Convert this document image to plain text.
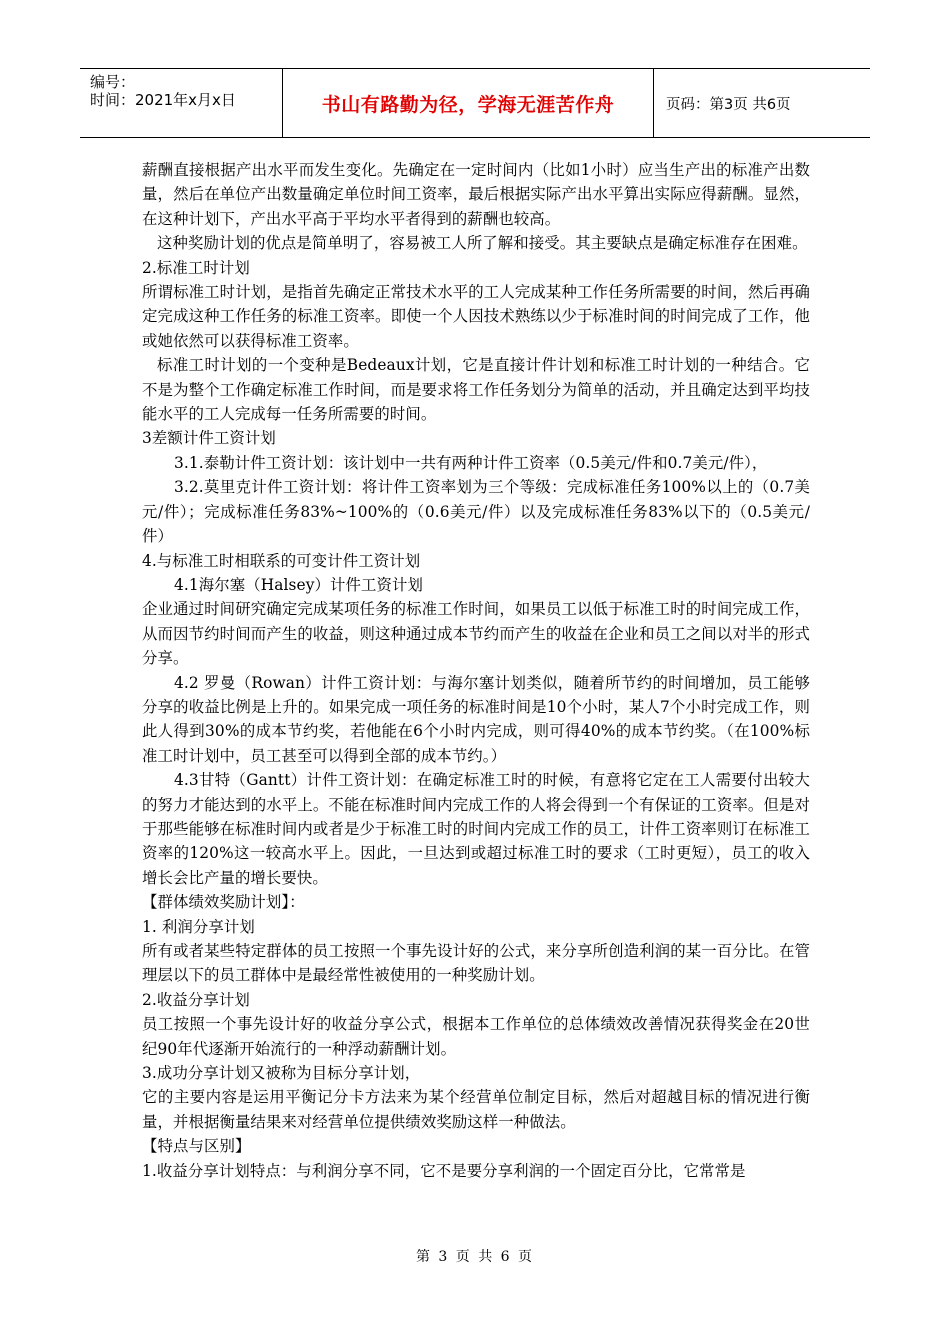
编号：
时间：2021年x月x日	书山有路勤为径，学海无涯苦作舟	页码：第3页 共6页

薪酬直接根据产出水平而发生变化。先确定在一定时间内（比如1小时）应当生产出的标准产出数量，然后在单位产出数量确定单位时间工资率，最后根据实际产出水平算出实际应得薪酬。显然，在这种计划下，产出水平高于平均水平者得到的薪酬也较高。

这种奖励计划的优点是简单明了，容易被工人所了解和接受。其主要缺点是确定标准存在困难。

2.标准工时计划

所谓标准工时计划，是指首先确定正常技术水平的工人完成某种工作任务所需要的时间，然后再确定完成这种工作任务的标准工资率。即使一个人因技术熟练以少于标准时间的时间完成了工作，他或她依然可以获得标准工资率。

标准工时计划的一个变种是Bedeaux计划，它是直接计件计划和标准工时计划的一种结合。它不是为整个工作确定标准工作时间，而是要求将工作任务划分为简单的活动，并且确定达到平均技能水平的工人完成每一任务所需要的时间。

3差额计件工资计划

3.1.泰勒计件工资计划：该计划中一共有两种计件工资率（0.5美元/件和0.7美元/件），

3.2.莫里克计件工资计划：将计件工资率划为三个等级：完成标准任务100%以上的（0.7美元/件）；完成标准任务83%~100%的（0.6美元/件）以及完成标准任务83%以下的（0.5美元/件）

4.与标准工时相联系的可变计件工资计划

4.1海尔塞（Halsey）计件工资计划

企业通过时间研究确定完成某项任务的标准工作时间，如果员工以低于标准工时的时间完成工作，从而因节约时间而产生的收益，则这种通过成本节约而产生的收益在企业和员工之间以对半的形式分享。

4.2 罗曼（Rowan）计件工资计划：与海尔塞计划类似，随着所节约的时间增加，员工能够分享的收益比例是上升的。如果完成一项任务的标准时间是10个小时，某人7个小时完成工作，则此人得到30%的成本节约奖，若他能在6个小时内完成，则可得40%的成本节约奖。（在100%标准工时计划中，员工甚至可以得到全部的成本节约。）

4.3甘特（Gantt）计件工资计划：在确定标准工时的时候，有意将它定在工人需要付出较大的努力才能达到的水平上。不能在标准时间内完成工作的人将会得到一个有保证的工资率。但是对于那些能够在标准时间内或者是少于标准工时的时间内完成工作的员工，计件工资率则订在标准工资率的120%这一较高水平上。因此，一旦达到或超过标准工时的要求（工时更短），员工的收入增长会比产量的增长要快。

【群体绩效奖励计划】：

1. 利润分享计划

所有或者某些特定群体的员工按照一个事先设计好的公式，来分享所创造利润的某一百分比。在管理层以下的员工群体中是最经常性被使用的一种奖励计划。

2.收益分享计划

员工按照一个事先设计好的收益分享公式，根据本工作单位的总体绩效改善情况获得奖金在20世纪90年代逐渐开始流行的一种浮动薪酬计划。

3.成功分享计划又被称为目标分享计划，

它的主要内容是运用平衡记分卡方法来为某个经营单位制定目标，然后对超越目标的情况进行衡量，并根据衡量结果来对经营单位提供绩效奖励这样一种做法。

【特点与区别】

1.收益分享计划特点：与利润分享不同，它不是要分享利润的一个固定百分比，它常常是

第 3 页 共 6 页
